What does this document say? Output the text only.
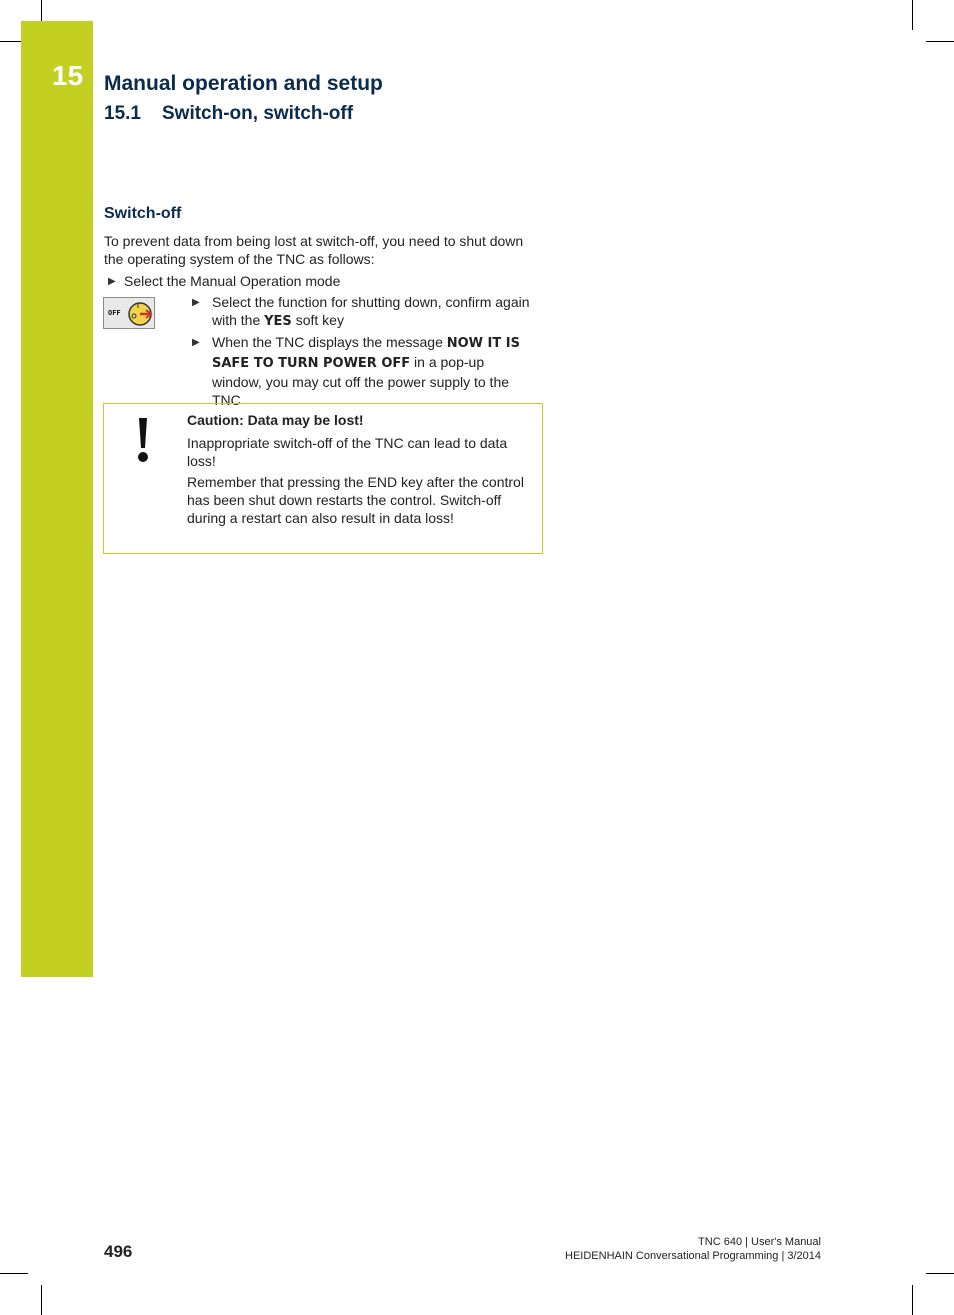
15 Manual operation and setup
15.1 Switch-on, switch-off
Switch-off
To prevent data from being lost at switch-off, you need to shut down the operating system of the TNC as follows:
▶ Select the Manual Operation mode
OFF
▶ Select the function for shutting down, confirm again with the YES soft key
▶ When the TNC displays the message NOW IT IS SAFE TO TURN POWER OFF in a pop-up window, you may cut off the power supply to the TNC
Caution: Data may be lost!
Inappropriate switch-off of the TNC can lead to data loss!
Remember that pressing the END key after the control has been shut down restarts the control. Switch-off during a restart can also result in data loss!
496	TNC 640 | User's Manual
HEIDENHAIN Conversational Programming | 3/2014
